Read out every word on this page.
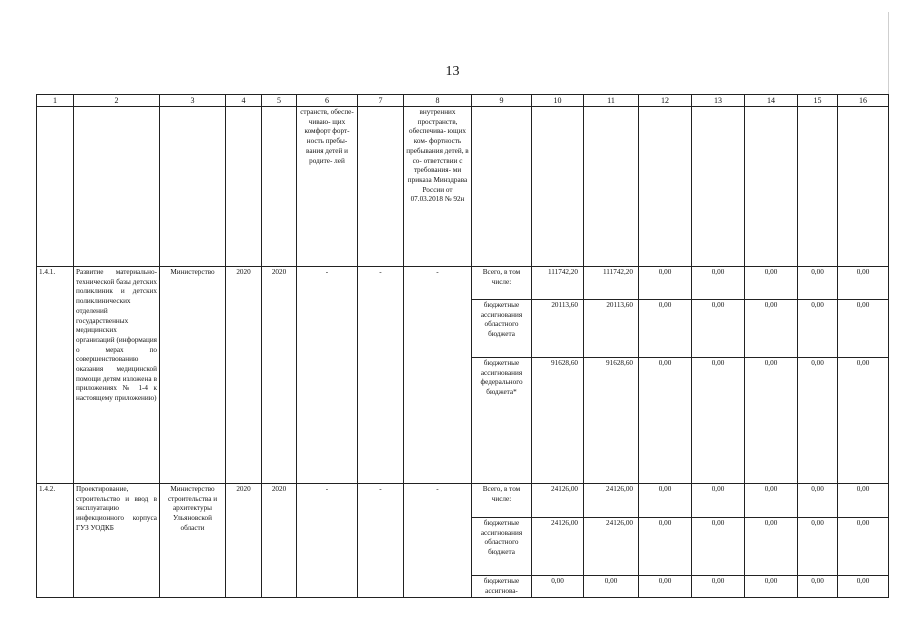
13
1	2	3	4	5	6	7	8	9	10	11	12	13	14	15	16
					странств, обеспе- чиваю- щих комфорт форт- ность пребы- вания детей и родите- лей		внутренних пространств, обеспечива- ющих ком- фортность пребывания детей, в со- ответствии с требования- ми приказа Минздрава России от 07.03.2018 № 92н								
1.4.1.	Развитие материально-технической базы детских поликлиник и детских поликлинических отделений государственных медицинских организаций (информация о мерах по совершенствованию оказания медицинской помощи детям изложена в приложениях № 1-4 к настоящему приложению)	Министерство	2020	2020	-	-	-	Всего, в том числе:	111742,20	111742,20	0,00	0,00	0,00	0,00	0,00
								бюджетные ассигнования областного бюджета	20113,60	20113,60	0,00	0,00	0,00	0,00	0,00
								бюджетные ассигнования федерального бюджета*	91628,60	91628,60	0,00	0,00	0,00	0,00	0,00
1.4.2.	Проектирование, строительство и ввод в эксплуатацию инфекционного корпуса ГУЗ УОДКБ	Министерство строительства и архитектуры Ульяновской области	2020	2020	-	-	-	Всего, в том числе:	24126,00	24126,00	0,00	0,00	0,00	0,00	0,00
								бюджетные ассигнования областного бюджета	24126,00	24126,00	0,00	0,00	0,00	0,00	0,00
								бюджетные ассигнова-	0,00	0,00	0,00	0,00	0,00	0,00	0,00
